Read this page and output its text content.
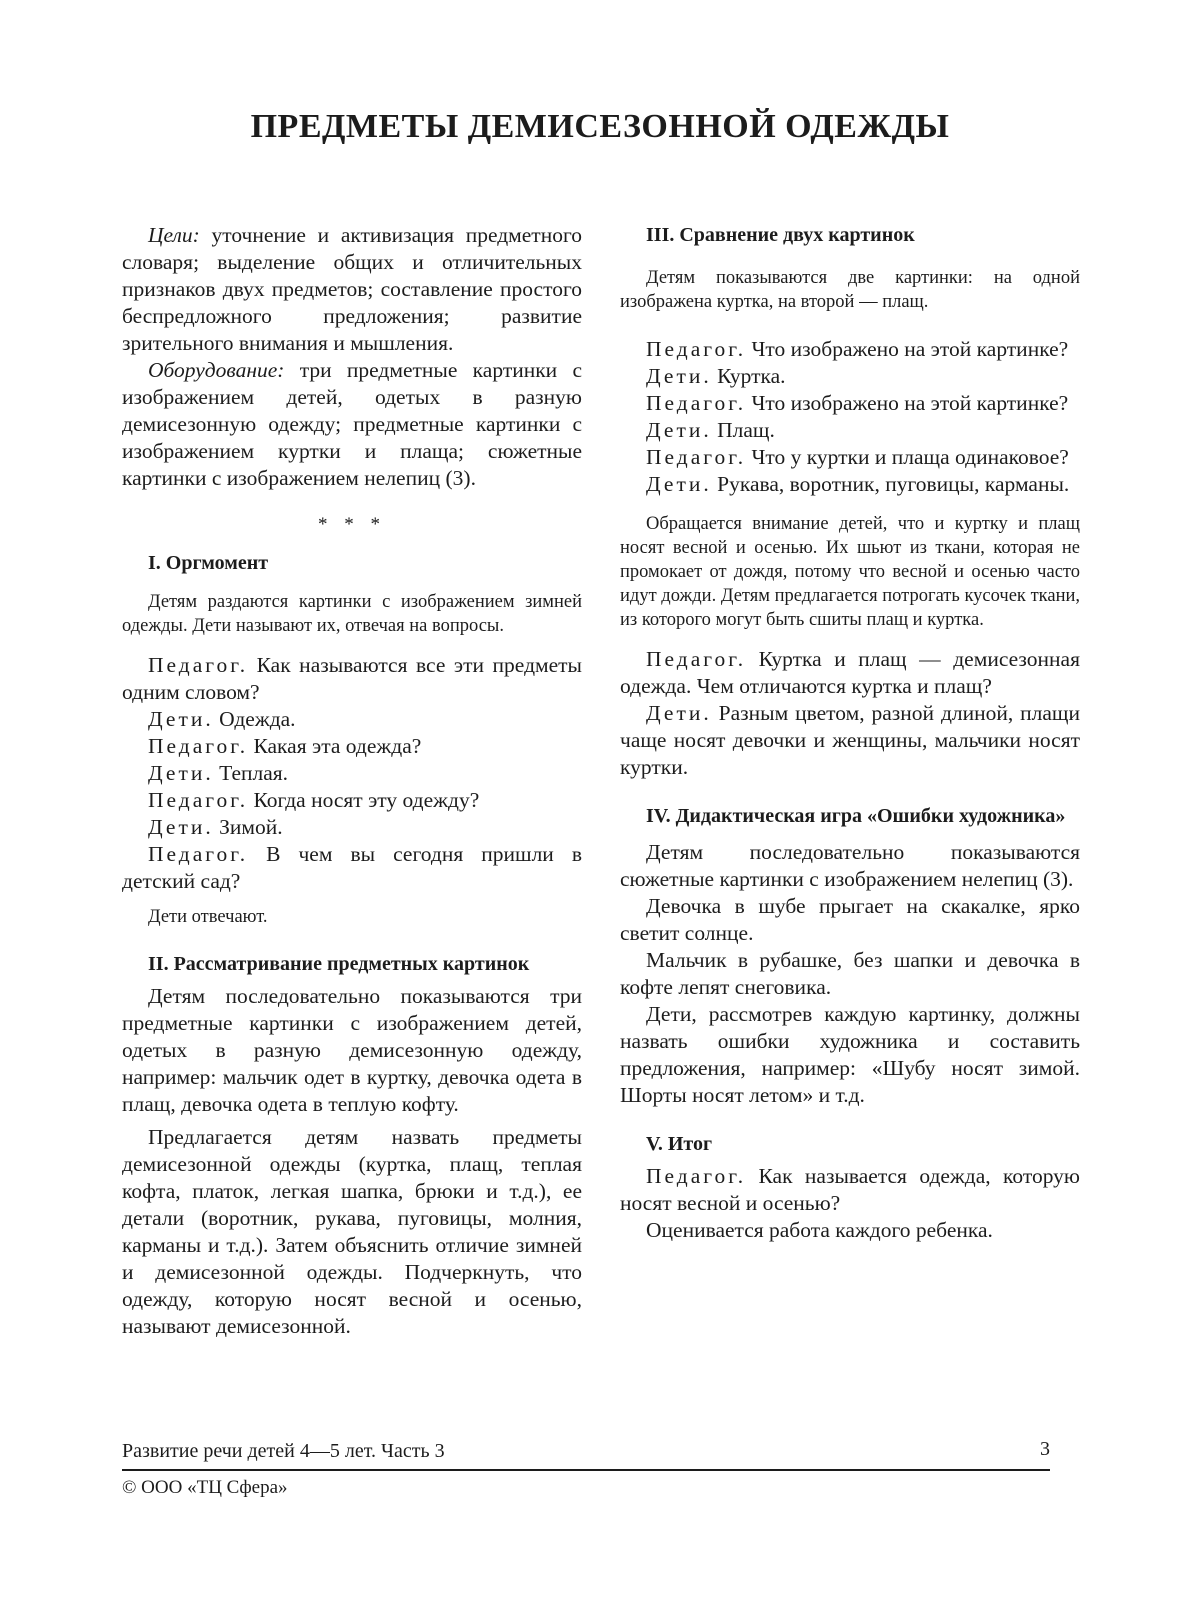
ПРЕДМЕТЫ ДЕМИСЕЗОННОЙ ОДЕЖДЫ

Цели: уточнение и активизация предметного словаря; выделение общих и отличительных признаков двух предметов; составление простого беспредложного предложения; развитие зрительного внимания и мышления.

Оборудование: три предметные картинки с изображением детей, одетых в разную демисезонную одежду; предметные картинки с изображением куртки и плаща; сюжетные картинки с изображением нелепиц (3).

* * *

I. Оргмомент

Детям раздаются картинки с изображением зимней одежды. Дети называют их, отвечая на вопросы.

Педагог. Как называются все эти предметы одним словом?

Дети. Одежда.

Педагог. Какая эта одежда?

Дети. Теплая.

Педагог. Когда носят эту одежду?

Дети. Зимой.

Педагог. В чем вы сегодня пришли в детский сад?

Дети отвечают.

II. Рассматривание предметных картинок

Детям последовательно показываются три предметные картинки с изображением детей, одетых в разную демисезонную одежду, например: мальчик одет в куртку, девочка одета в плащ, девочка одета в теплую кофту.

Предлагается детям назвать предметы демисезонной одежды (куртка, плащ, теплая кофта, платок, легкая шапка, брюки и т.д.), ее детали (воротник, рукава, пуговицы, молния, карманы и т.д.). Затем объяснить отличие зимней и демисезонной одежды. Подчеркнуть, что одежду, которую носят весной и осенью, называют демисезонной.

III. Сравнение двух картинок

Детям показываются две картинки: на одной изображена куртка, на второй — плащ.

Педагог. Что изображено на этой картинке?

Дети. Куртка.

Педагог. Что изображено на этой картинке?

Дети. Плащ.

Педагог. Что у куртки и плаща одинаковое?

Дети. Рукава, воротник, пуговицы, карманы.

Обращается внимание детей, что и куртку и плащ носят весной и осенью. Их шьют из ткани, которая не промокает от дождя, потому что весной и осенью часто идут дожди. Детям предлагается потрогать кусочек ткани, из которого могут быть сшиты плащ и куртка.

Педагог. Куртка и плащ — демисезонная одежда. Чем отличаются куртка и плащ?

Дети. Разным цветом, разной длиной, плащи чаще носят девочки и женщины, мальчики носят куртки.

IV. Дидактическая игра «Ошибки художника»

Детям последовательно показываются сюжетные картинки с изображением нелепиц (3).

Девочка в шубе прыгает на скакалке, ярко светит солнце.

Мальчик в рубашке, без шапки и девочка в кофте лепят снеговика.

Дети, рассмотрев каждую картинку, должны назвать ошибки художника и составить предложения, например: «Шубу носят зимой. Шорты носят летом» и т.д.

V. Итог

Педагог. Как называется одежда, которую носят весной и осенью?

Оценивается работа каждого ребенка.

Развитие речи детей 4—5 лет. Часть 3	3
© ООО «ТЦ Сфера»
